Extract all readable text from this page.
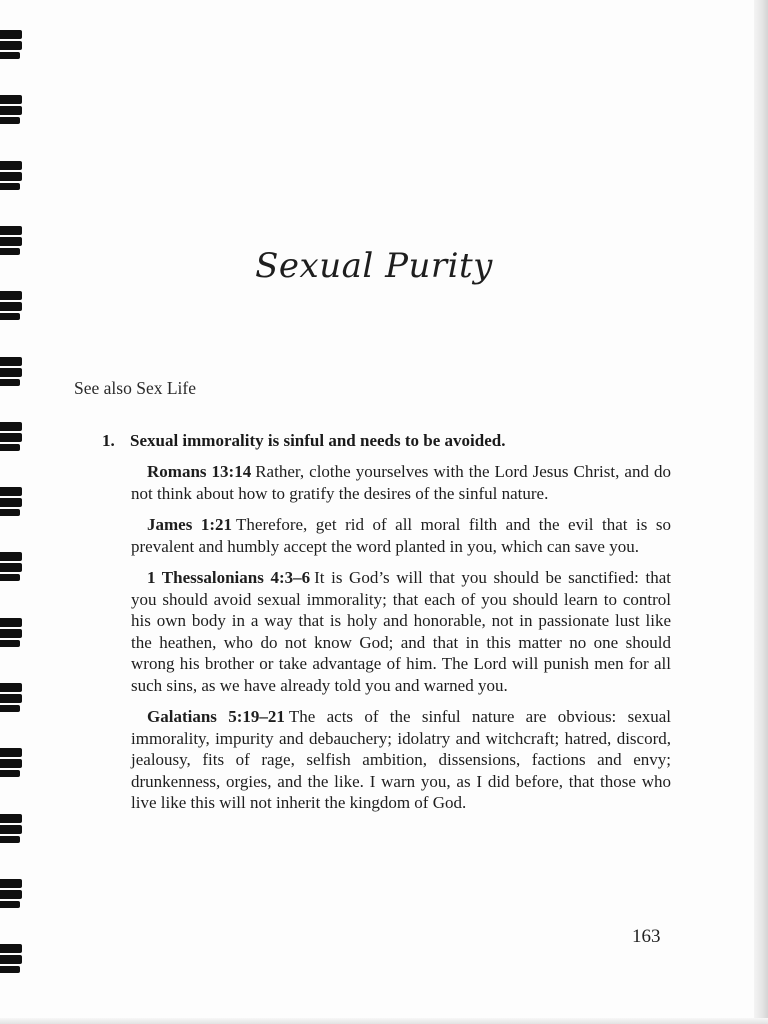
Sexual Purity
See also Sex Life
1. Sexual immorality is sinful and needs to be avoided.

Romans 13:14 Rather, clothe yourselves with the Lord Jesus Christ, and do not think about how to gratify the desires of the sinful nature.

James 1:21 Therefore, get rid of all moral filth and the evil that is so prevalent and humbly accept the word planted in you, which can save you.

1 Thessalonians 4:3–6 It is God’s will that you should be sanctified: that you should avoid sexual immorality; that each of you should learn to control his own body in a way that is holy and honorable, not in passionate lust like the heathen, who do not know God; and that in this matter no one should wrong his brother or take advantage of him. The Lord will punish men for all such sins, as we have already told you and warned you.

Galatians 5:19–21 The acts of the sinful nature are obvious: sexual immorality, impurity and debauchery; idolatry and witchcraft; hatred, discord, jealousy, fits of rage, selfish ambition, dissensions, factions and envy; drunkenness, orgies, and the like. I warn you, as I did before, that those who live like this will not inherit the kingdom of God.

163
